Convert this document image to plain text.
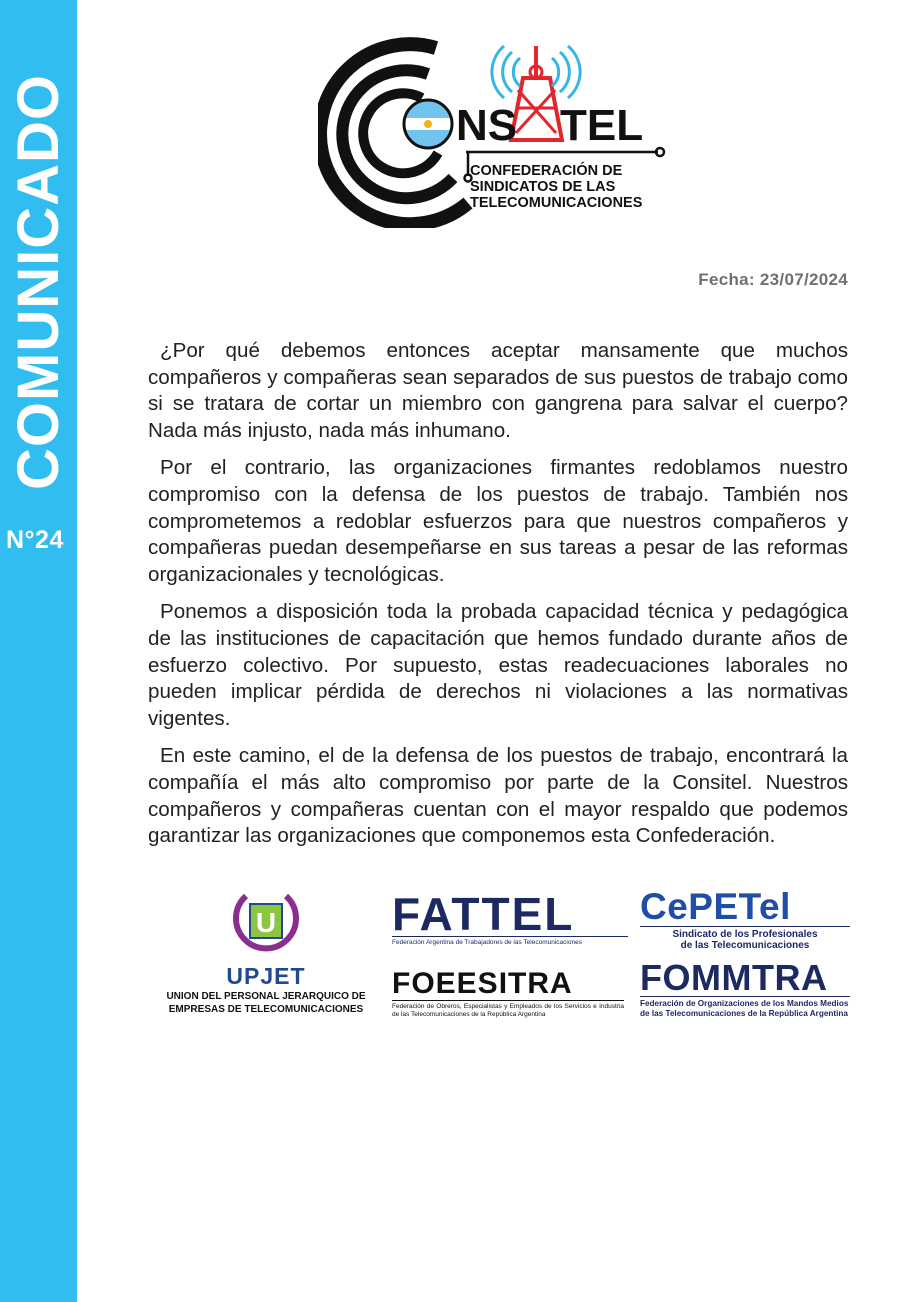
COMUNICADO
N°24
NS TEL
CONFEDERACIÓN DE
SINDICATOS DE LAS
TELECOMUNICACIONES
Fecha: 23/07/2024

¿Por qué debemos entonces aceptar mansamente que muchos compañeros y compañeras sean separados de sus puestos de trabajo como si se tratara de cortar un miembro con gangrena para salvar el cuerpo? Nada más injusto, nada más inhumano.

Por el contrario, las organizaciones firmantes redoblamos nuestro compromiso con la defensa de los puestos de trabajo. También nos comprometemos a redoblar esfuerzos para que nuestros compañeros y compañeras puedan desempeñarse en sus tareas a pesar de las reformas organizacionales y tecnológicas.

Ponemos a disposición toda la probada capacidad técnica y pedagógica de las instituciones de capacitación que hemos fundado durante años de esfuerzo colectivo. Por supuesto, estas readecuaciones laborales no pueden implicar pérdida de derechos ni violaciones a las normativas vigentes.

En este camino, el de la defensa de los puestos de trabajo, encontrará la compañía el más alto compromiso por parte de la Consitel. Nuestros compañeros y compañeras cuentan con el mayor respaldo que podemos garantizar las organizaciones que componemos esta Confederación.

U
UPJET
UNION DEL PERSONAL JERARQUICO DE
EMPRESAS DE TELECOMUNICACIONES
FATTEL
Federación Argentina de Trabajadores de las Telecomunicaciones
CePETel
Sindicato de los Profesionales
de las Telecomunicaciones
FOEESITRA
Federación de Obreros, Especialistas y Empleados de los Servicios e Industria de las Telecomunicaciones de la República Argentina
FOMMTRA
Federación de Organizaciones de los Mandos Medios
de las Telecomunicaciones de la República Argentina
